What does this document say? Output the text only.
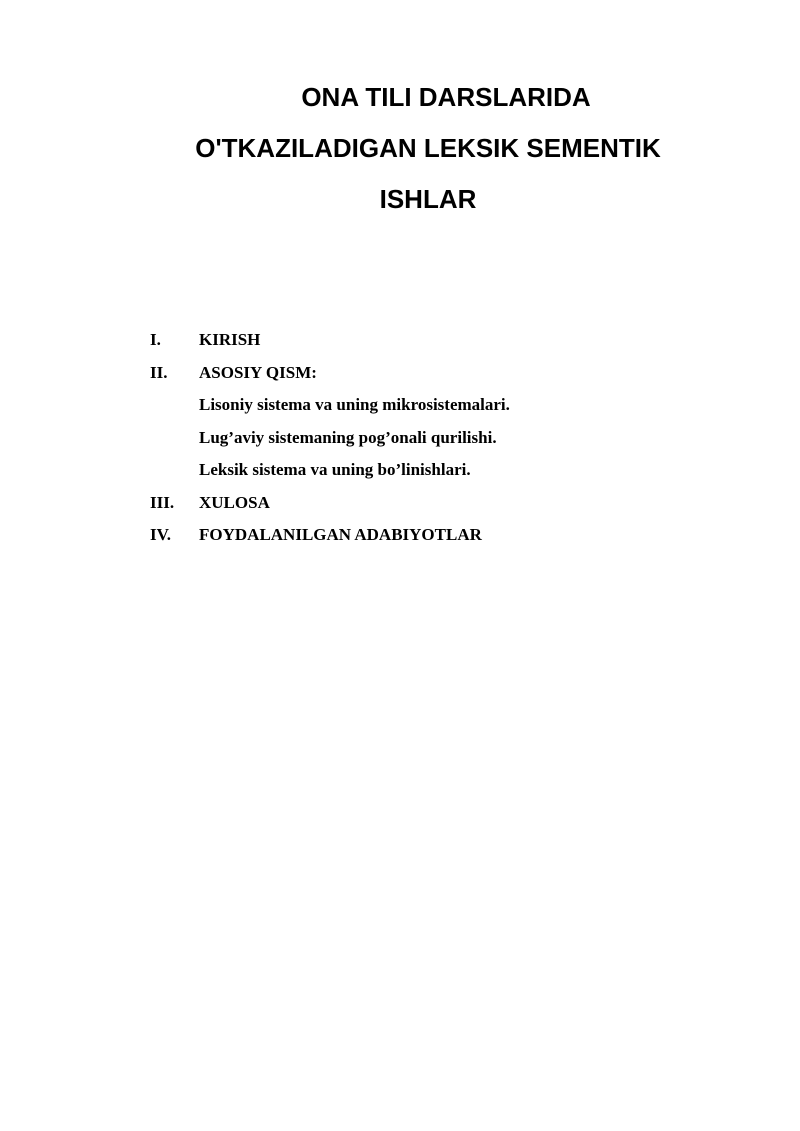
ONA TILI DARSLARIDA
O'TKAZILADIGAN LEKSIK SEMENTIK
ISHLAR
I.	KIRISH
II.	ASOSIY QISM:
Lisoniy sistema va uning mikrosistemalari.
Lug’aviy sistemaning pog’onali qurilishi.
Leksik sistema va uning bo’linishlari.
III.	XULOSA
IV.	FOYDALANILGAN ADABIYOTLAR
